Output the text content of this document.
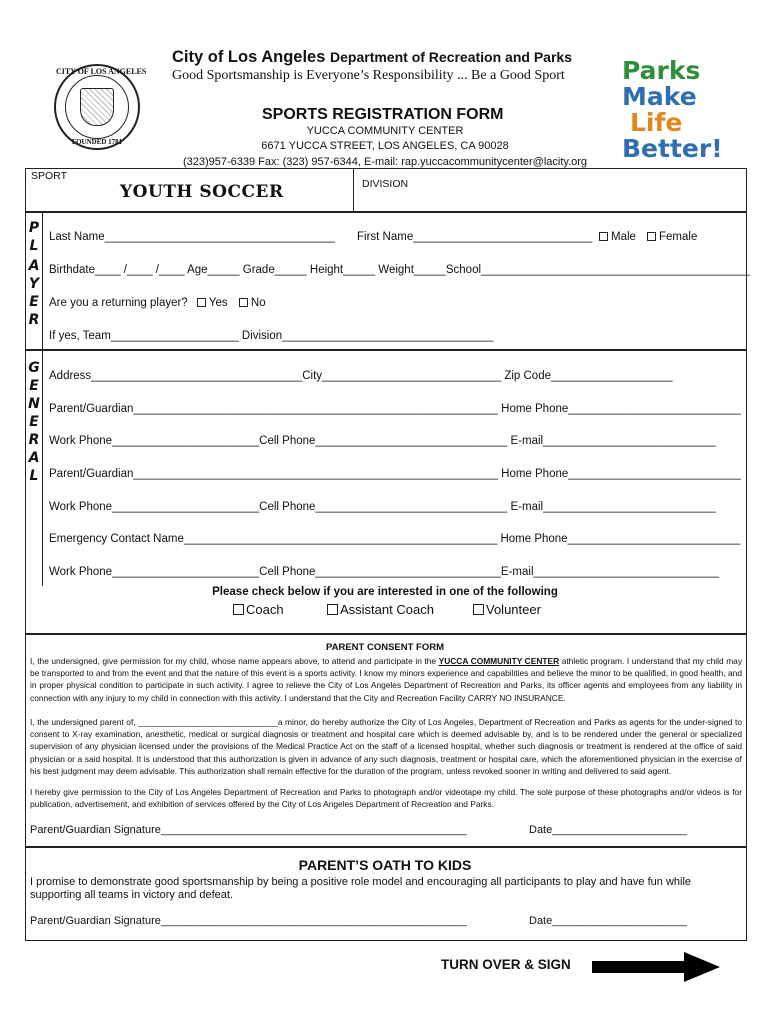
CITY OF LOS ANGELES
FOUNDED 1781
City of Los Angeles Department of Recreation and Parks
Good Sportsmanship is Everyone’s Responsibility ... Be a Good Sport
SPORTS REGISTRATION FORM
YUCCA COMMUNITY CENTER
6671 YUCCA STREET, LOS ANGELES, CA 90028
(323)957-6339 Fax: (323) 957-6344, E-mail: rap.yuccacommunitycenter@lacity.org
Parks
Make
Life
Better!
SPORT
YOUTH SOCCER	DIVISION
P
L
A
Y
E
R
Last Name____________________________________ First Name____________________________	Male	Female
Birthdate____ /____ /____ Age_____ Grade_____ Height_____ Weight_____School__________________________________________
Are you a returning player? Yes No
If yes, Team____________________ Division_________________________________
G
E
N
E
R
A
L
Address_________________________________City____________________________ Zip Code___________________
Parent/Guardian_________________________________________________________ Home Phone___________________________
Work Phone_______________________Cell Phone______________________________ E-mail___________________________
Parent/Guardian_________________________________________________________ Home Phone___________________________
Work Phone_______________________Cell Phone______________________________ E-mail___________________________
Emergency Contact Name_________________________________________________ Home Phone___________________________
Work Phone_______________________Cell Phone_____________________________E-mail_____________________________
Please check below if you are interested in one of the following
Coach	Assistant Coach	Volunteer
PARENT CONSENT FORM
I, the undersigned, give permission for my child, whose name appears above, to attend and participate in the YUCCA COMMUNITY CENTER athletic program. I understand that my child may be transported to and from the event and that the nature of this event is a sports activity. I know my minors experience and capabilities and believe the minor to be qualified, in good health, and in proper physical condition to participate in such activity. I agree to relieve the City of Los Angeles Department of Recreation and Parks, its officer agents and employees from any liability in connection with any injury to my child in connection with this activity. I understand that the City and Recreation Facility CARRY NO INSURANCE.
I, the undersigned parent of, ______________________________a minor, do hereby authorize the City of Los Angeles, Department of Recreation and Parks as agents for the under-signed to consent to X-ray examination, anesthetic, medical or surgical diagnosis or treatment and hospital care which is deemed advisable by, and is to be rendered under the general or specialized supervision of any physician licensed under the provisions of the Medical Practice Act on the staff of a licensed hospital, whether such diagnosis or treatment is rendered at the office of said physician or a said hospital. It is understood that this authorization is given in advance of any such diagnosis, treatment or hospital care, which the aforementioned physician in the exercise of his best judgment may deem advisable. This authorization shall remain effective for the duration of the program, unless revoked sooner in writing and delivered to said agent.
I hereby give permission to the City of Los Angeles Department of Recreation and Parks to photograph and/or videotape my child. The sole purpose of these photographs and/or videos is for publication, advertisement, and exhibition of services offered by the City of Los Angeles Department of Recreation and Parks.
Parent/Guardian Signature__________________________________________________	Date______________________
PARENT’S OATH TO KIDS
I promise to demonstrate good sportsmanship by being a positive role model and encouraging all participants to play and have fun while supporting all teams in victory and defeat.
Parent/Guardian Signature__________________________________________________	Date______________________
TURN OVER & SIGN
